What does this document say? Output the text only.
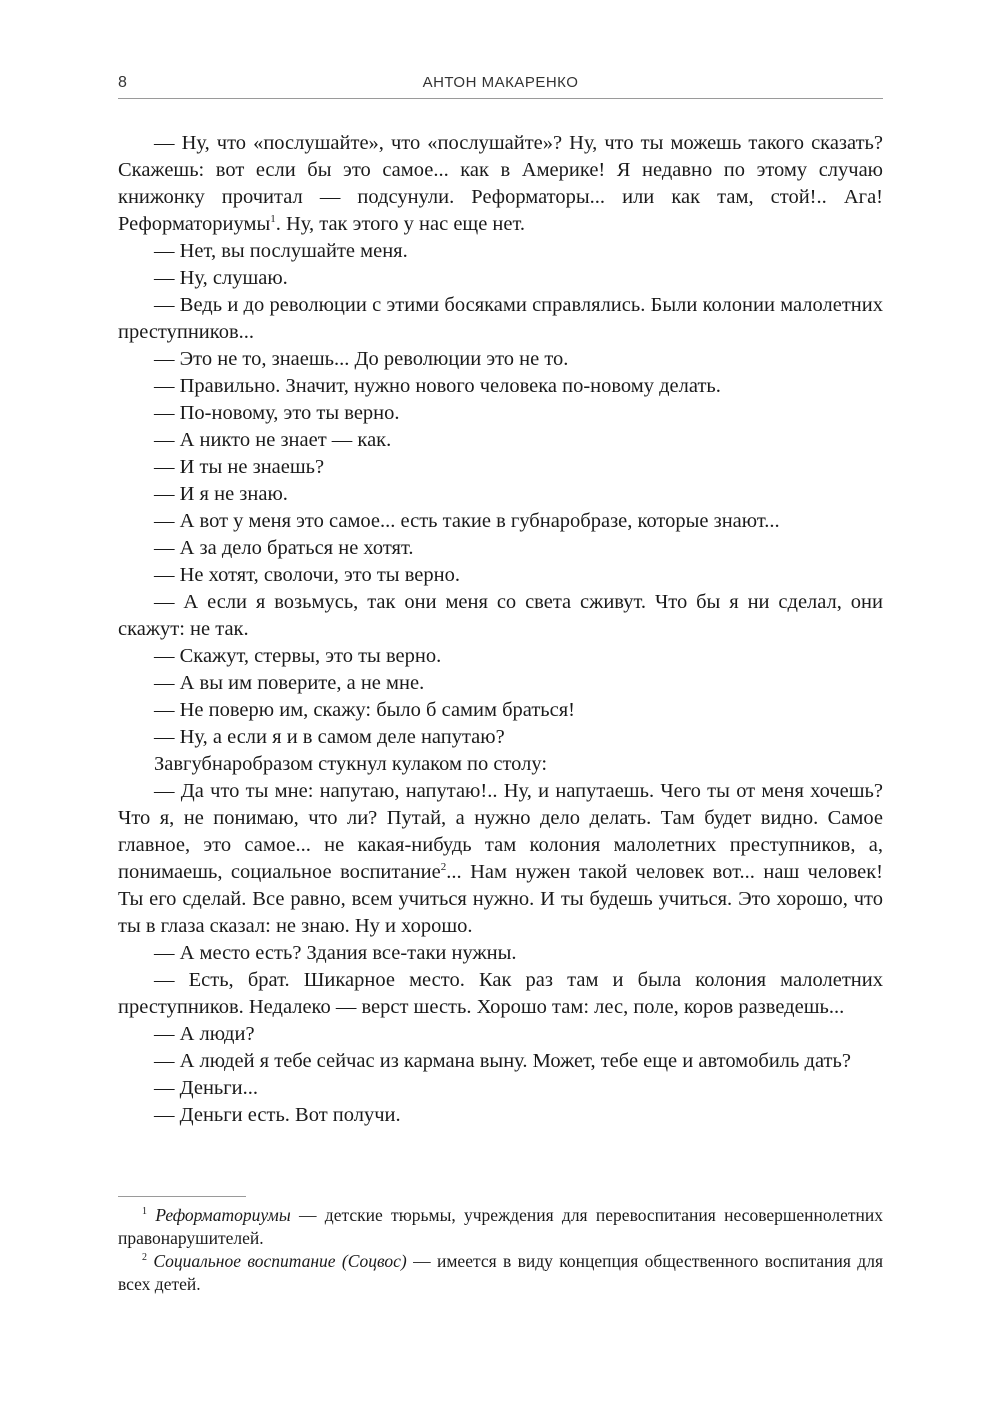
8	АНТОН МАКАРЕНКО

— Ну, что «послушайте», что «послушайте»? Ну, что ты можешь такого сказать? Скажешь: вот если бы это самое... как в Америке! Я недавно по этому случаю книжонку прочитал — подсунули. Реформаторы... или как там, стой!.. Ага! Реформаториумы$^1$. Ну, так этого у нас еще нет.

— Нет, вы послушайте меня.

— Ну, слушаю.

— Ведь и до революции с этими босяками справлялись. Были колонии малолетних преступников...

— Это не то, знаешь... До революции это не то.

— Правильно. Значит, нужно нового человека по-новому делать.

— По-новому, это ты верно.

— А никто не знает — как.

— И ты не знаешь?

— И я не знаю.

— А вот у меня это самое... есть такие в губнаробразе, которые знают...

— А за дело браться не хотят.

— Не хотят, сволочи, это ты верно.

— А если я возьмусь, так они меня со света сживут. Что бы я ни сделал, они скажут: не так.

— Скажут, стервы, это ты верно.

— А вы им поверите, а не мне.

— Не поверю им, скажу: было б самим браться!

— Ну, а если я и в самом деле напутаю?

Завгубнаробразом стукнул кулаком по столу:

— Да что ты мне: напутаю, напутаю!.. Ну, и напутаешь. Чего ты от меня хочешь? Что я, не понимаю, что ли? Путай, а нужно дело делать. Там будет видно. Самое главное, это самое... не какая-нибудь там колония малолетних преступников, а, понимаешь, социальное воспитание$^2$... Нам нужен такой человек вот... наш человек! Ты его сделай. Все равно, всем учиться нужно. И ты будешь учиться. Это хорошо, что ты в глаза сказал: не знаю. Ну и хорошо.

— А место есть? Здания все-таки нужны.

— Есть, брат. Шикарное место. Как раз там и была колония малолетних преступников. Недалеко — верст шесть. Хорошо там: лес, поле, коров разведешь...

— А люди?

— А людей я тебе сейчас из кармана выну. Может, тебе еще и автомобиль дать?

— Деньги...

— Деньги есть. Вот получи.

$^1$ Реформаториумы — детские тюрьмы, учреждения для перевоспитания несовершеннолетних правонарушителей.

$^2$ Социальное воспитание (Соцвос) — имеется в виду концепция общественного воспитания для всех детей.
